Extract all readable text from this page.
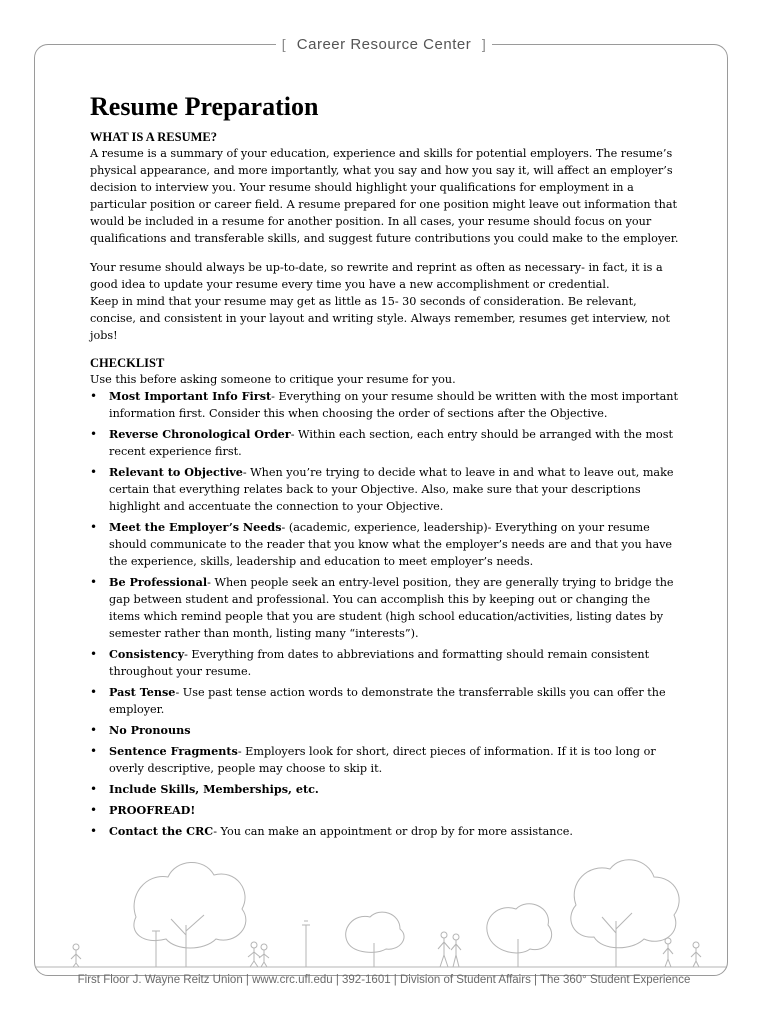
[ Career Resource Center ]
Resume Preparation
WHAT IS A RESUME?

A resume is a summary of your education, experience and skills for potential employers. The resume’s physical appearance, and more importantly, what you say and how you say it, will affect an employer’s decision to interview you. Your resume should highlight your qualifications for employment in a particular position or career field. A resume prepared for one position might leave out information that would be included in a resume for another position. In all cases, your resume should focus on your qualifications and transferable skills, and suggest future contributions you could make to the employer.

Your resume should always be up-to-date, so rewrite and reprint as often as necessary- in fact, it is a good idea to update your resume every time you have a new accomplishment or credential.

Keep in mind that your resume may get as little as 15- 30 seconds of consideration. Be relevant, concise, and consistent in your layout and writing style. Always remember, resumes get interview, not jobs!

CHECKLIST

Use this before asking someone to critique your resume for you.

• Most Important Info First- Everything on your resume should be written with the most important information first. Consider this when choosing the order of sections after the Objective.
• Reverse Chronological Order- Within each section, each entry should be arranged with the most recent experience first.
• Relevant to Objective- When you’re trying to decide what to leave in and what to leave out, make certain that everything relates back to your Objective. Also, make sure that your descriptions highlight and accentuate the connection to your Objective.
• Meet the Employer’s Needs- (academic, experience, leadership)- Everything on your resume should communicate to the reader that you know what the employer’s needs are and that you have the experience, skills, leadership and education to meet employer’s needs.
• Be Professional- When people seek an entry-level position, they are generally trying to bridge the gap between student and professional. You can accomplish this by keeping out or changing the items which remind people that you are student (high school education/activities, listing dates by semester rather than month, listing many “interests”).
• Consistency- Everything from dates to abbreviations and formatting should remain consistent throughout your resume.
• Past Tense- Use past tense action words to demonstrate the transferrable skills you can offer the employer.
• No Pronouns
• Sentence Fragments- Employers look for short, direct pieces of information. If it is too long or overly descriptive, people may choose to skip it.
• Include Skills, Memberships, etc.
• PROOFREAD!
• Contact the CRC- You can make an appointment or drop by for more assistance.
First Floor J. Wayne Reitz Union | www.crc.ufl.edu | 392-1601 | Division of Student Affairs | The 360° Student Experience
